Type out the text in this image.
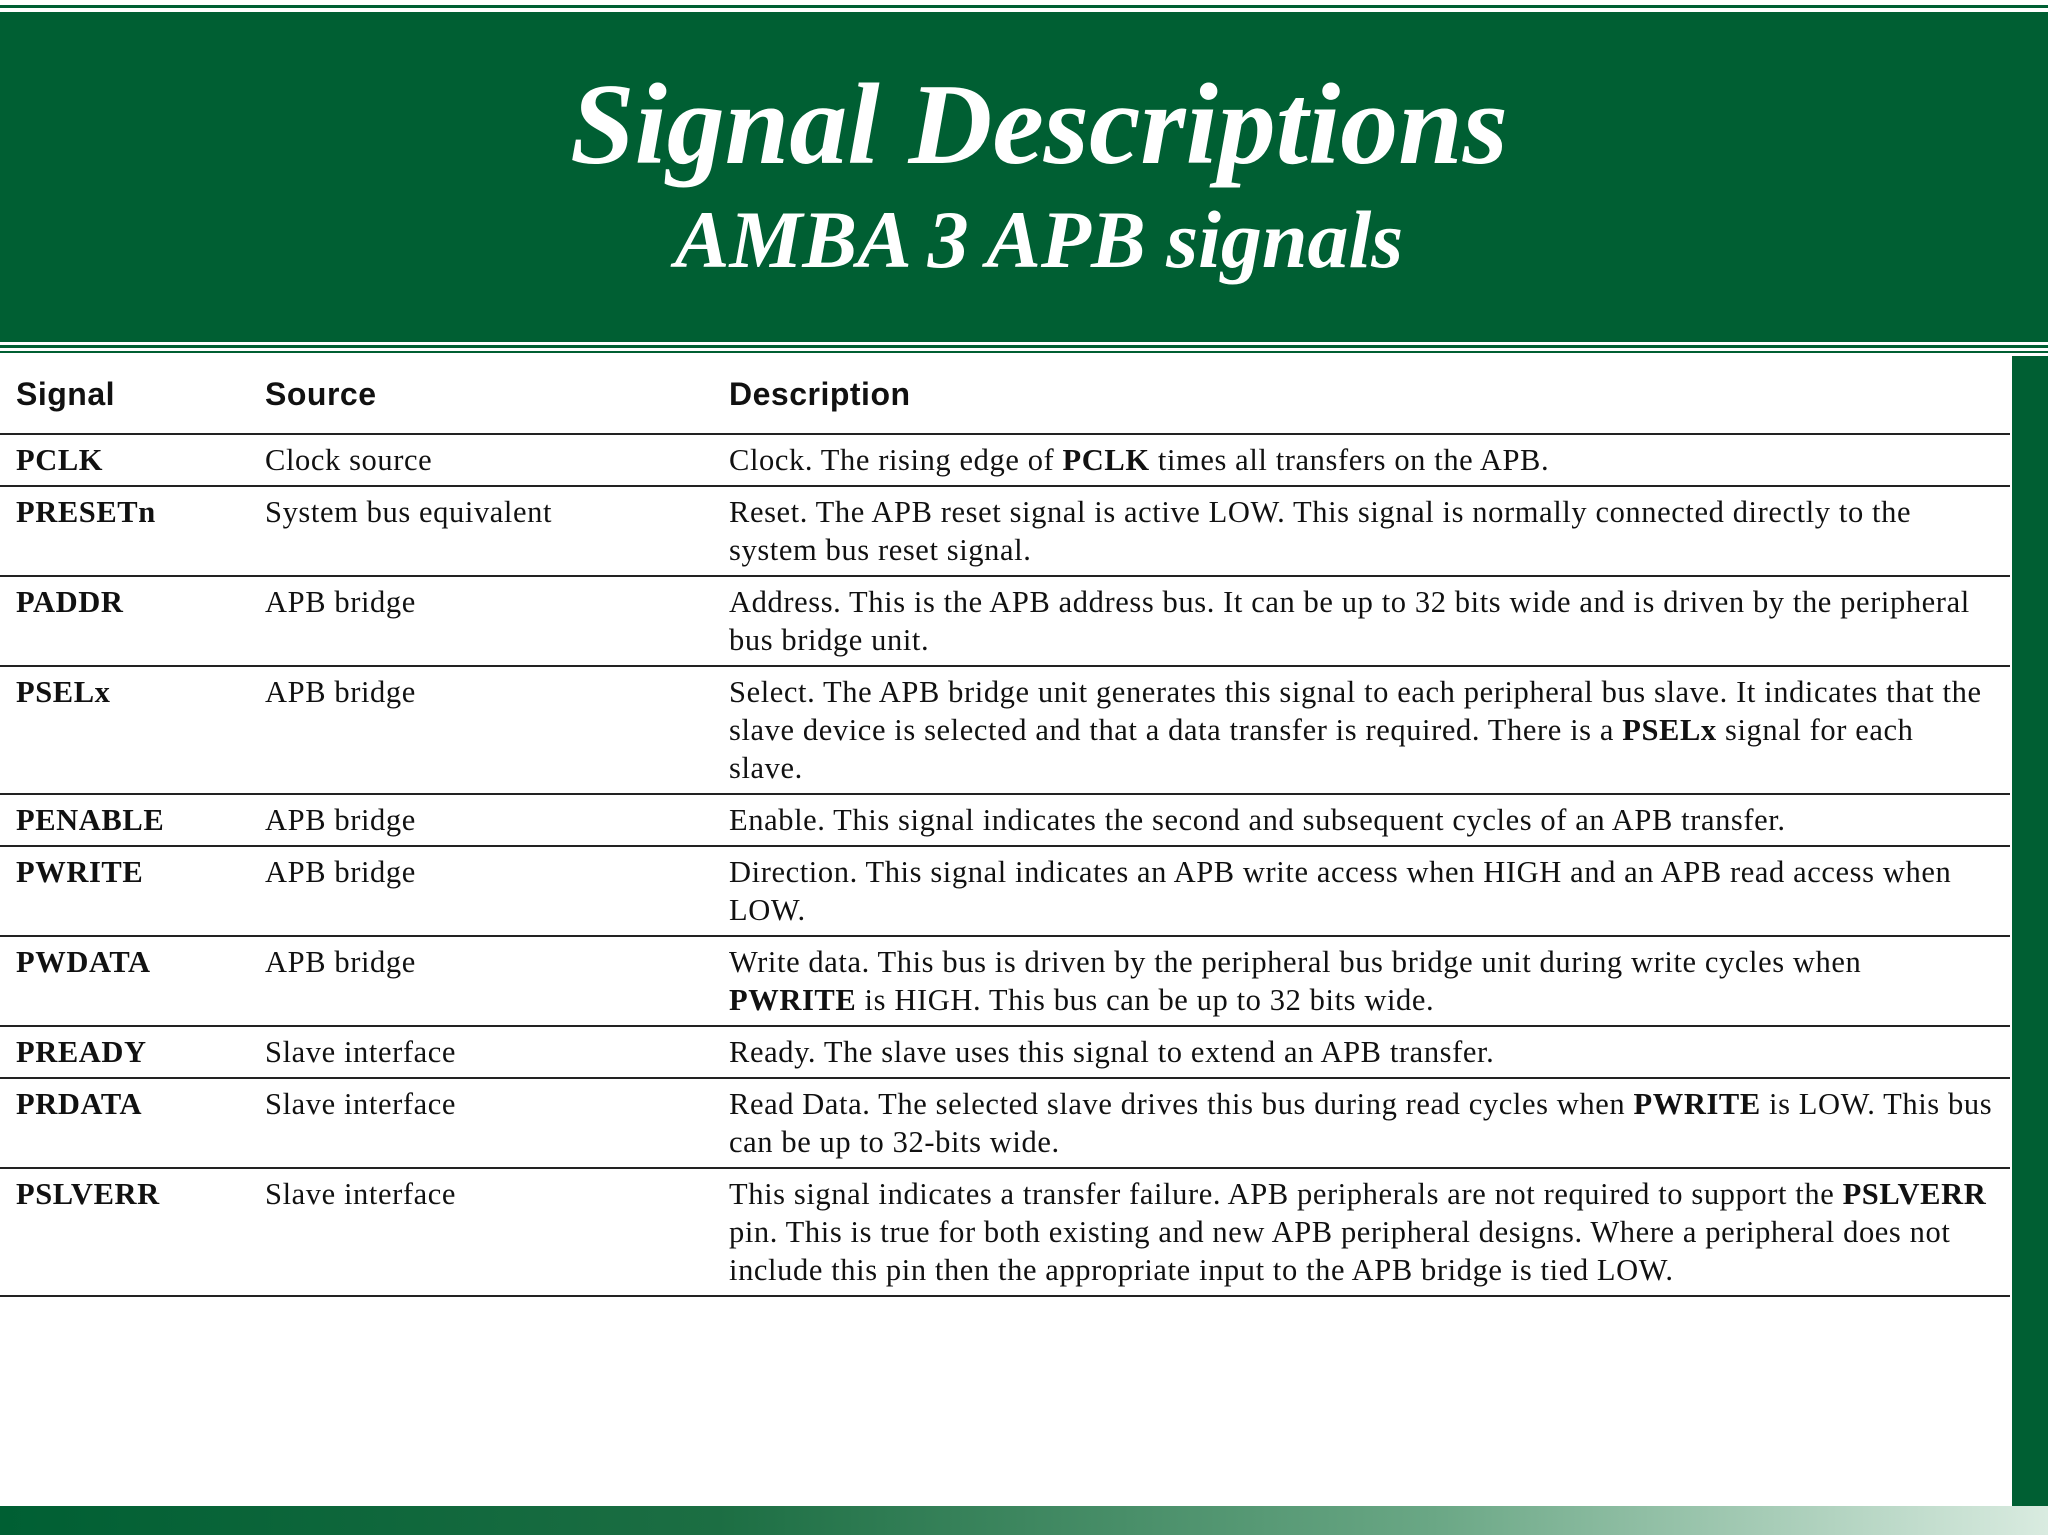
Signal Descriptions
AMBA 3 APB signals
Signal	Source	Description
PCLK	Clock source	Clock. The rising edge of PCLK times all transfers on the APB.
PRESETn	System bus equivalent	Reset. The APB reset signal is active LOW. This signal is normally connected directly to the system bus reset signal.
PADDR	APB bridge	Address. This is the APB address bus. It can be up to 32 bits wide and is driven by the peripheral bus bridge unit.
PSELx	APB bridge	Select. The APB bridge unit generates this signal to each peripheral bus slave. It indicates that the slave device is selected and that a data transfer is required. There is a PSELx signal for each slave.
PENABLE	APB bridge	Enable. This signal indicates the second and subsequent cycles of an APB transfer.
PWRITE	APB bridge	Direction. This signal indicates an APB write access when HIGH and an APB read access when LOW.
PWDATA	APB bridge	Write data. This bus is driven by the peripheral bus bridge unit during write cycles when PWRITE is HIGH. This bus can be up to 32 bits wide.
PREADY	Slave interface	Ready. The slave uses this signal to extend an APB transfer.
PRDATA	Slave interface	Read Data. The selected slave drives this bus during read cycles when PWRITE is LOW. This bus can be up to 32-bits wide.
PSLVERR	Slave interface	This signal indicates a transfer failure. APB peripherals are not required to support the PSLVERR pin. This is true for both existing and new APB peripheral designs. Where a peripheral does not include this pin then the appropriate input to the APB bridge is tied LOW.
